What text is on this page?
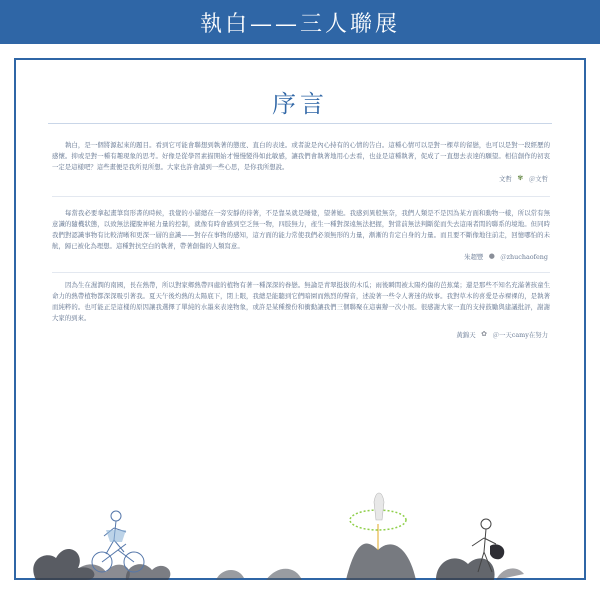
執白——三人聯展
序言

執白，是一個將源起來的題目。看到它可能會聯想到執著的態度、直白的表達。或者說是內心持有的心情的告白。這種心情可以是對一棵草的留戀，也可以是對一段經歷的感懷。抑或是對一種有趣現象的思考。好像是從學習素描開始才慢慢變得如此敏感，讓我們會執著地用心去看，也並是這種執著，促成了一直想去表達的願望。相信創作的初衷一定是這樣吧？這些畫便是我所見所想。大家也許會讀到一些心思，是你我所想說。

文哲 ✾ ＠文哲

每當我必要拿起畫筆寫形書的時候，我覺的小貓總在一旁安靜的待著，不是靠呆就是睡覺，望著她。我感到異般無奈，我們人類是不是因為某方面和動物一樣，所以常有無意識的隨機狀態，以致無法擺脫神秘力量的控制，就像有時會感到空乏無一物，四肢無力，產生一種對深遠無法把握，對當前無法判斷從而失去這兩者間的聯系的境地。但同時我們對認識事物有比較清晰和更深一層的意識——對存在事物的感知，這方面的能力常使我們必須無形的力量，漸漸的肯定自身的力量。而且要不斷像地往前走，回憶哪怕的未航，歸已被化為理想。這種對抗空白的執著，帶著創傷的人類寫意。

朱超豐 ● ＠zhuchaofeng

因為生在濕潤的南國，長在熱帶，所以對家鄉熱帶四處的植物有著一種深深的眷戀。無論是青翠挺拔的木瓜；雨後瞬間被太陽灼傷的芭蕉葉；還是那些不知名充滿著孩童生命力的熱帶植物都深深吸引著我。夏天午後灼熱的太陽底下，閉上眼，我總是能聽到它們暗園而熱烈的聲音，述說著一些令人著迷的故事。我對草木的喜愛是赤裸裸的，是執著而純粹的。也可能正是這樣的原因讓我選擇了單純的水墨來表達物象，或許是某種撥份和衝動讓我們三個聯聚在這裏辦一次小展。很感謝大家一直的支持鼓勵與建議批評，謝謝大家的到來。

黃錦天 ✿ ＠一天camy在努力
